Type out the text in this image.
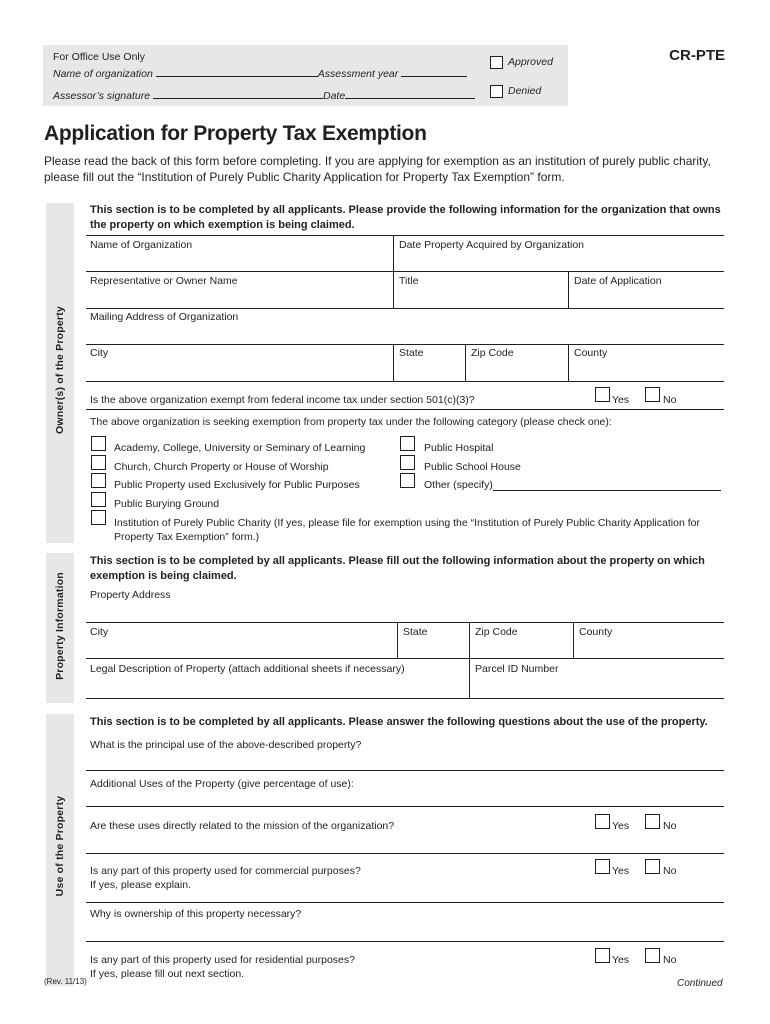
For Office Use Only
Name of organization	Assessment year
Assessor’s signature	Date
Approved
Denied
CR-PTE
Application for Property Tax Exemption
Please read the back of this form before completing. If you are applying for exemption as an institution of purely public charity, please fill out the “Institution of Purely Public Charity Application for Property Tax Exemption” form.
Owner(s) of the Property
This section is to be completed by all applicants. Please provide the following information for the organization that owns the property on which exemption is being claimed.
Name of Organization	Date Property Acquired by Organization
Representative or Owner Name	Title	Date of Application
Mailing Address of Organization
City	State	Zip Code	County
Is the above organization exempt from federal income tax under section 501(c)(3)?	Yes	No
The above organization is seeking exemption from property tax under the following category (please check one):
Academy, College, University or Seminary of Learning
Church, Church Property or House of Worship
Public Property used Exclusively for Public Purposes
Public Burying Ground
Institution of Purely Public Charity (If yes, please file for exemption using the “Institution of Purely Public Charity Application for Property Tax Exemption” form.)
Public Hospital
Public School House
Other (specify)
Property Information
This section is to be completed by all applicants. Please fill out the following information about the property on which exemption is being claimed.
Property Address
City	State	Zip Code	County
Legal Description of Property (attach additional sheets if necessary)	Parcel ID Number
Use of the Property
This section is to be completed by all applicants. Please answer the following questions about the use of the property.
What is the principal use of the above-described property?
Additional Uses of the Property (give percentage of use):
Are these uses directly related to the mission of the organization?	Yes	No
Is any part of this property used for commercial purposes?
If yes, please explain.
Yes	No
Why is ownership of this property necessary?
Is any part of this property used for residential purposes?
If yes, please fill out next section.
Yes	No
(Rev. 11/13)	Continued
